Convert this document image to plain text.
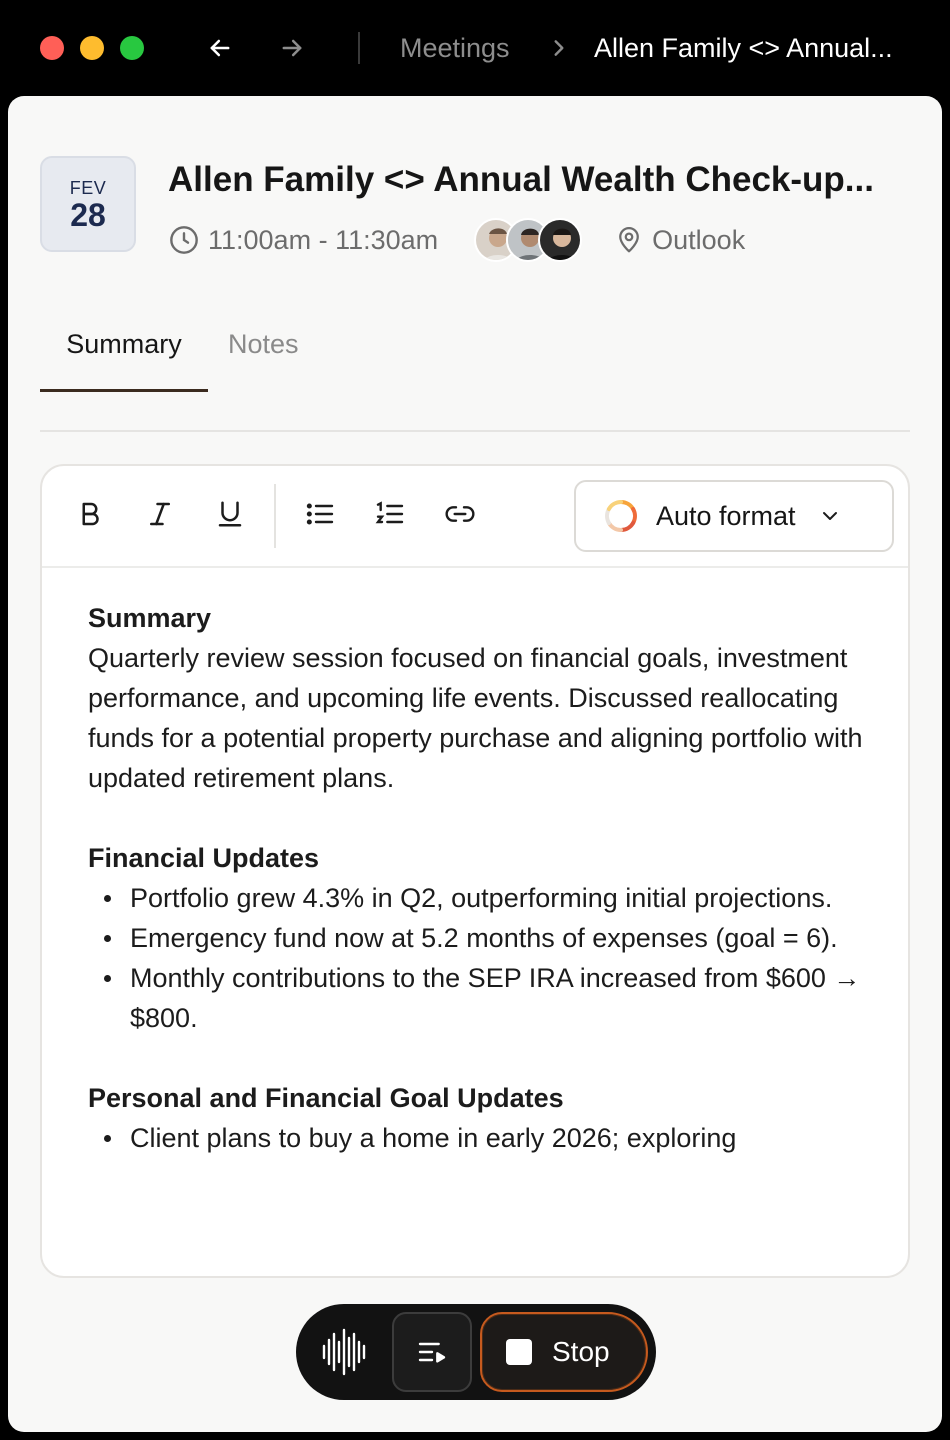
Meetings	Allen Family <> Annual...
FEV
28
Allen Family <> Annual Wealth Check-up...
11:00am - 11:30am	Outlook
Summary	Notes
Auto format
Summary

Quarterly review session focused on financial goals, investment performance, and upcoming life events. Discussed reallocating funds for a potential property purchase and aligning portfolio with updated retirement plans.

Financial Updates
Portfolio grew 4.3% in Q2, outperforming initial projections.
Emergency fund now at 5.2 months of expenses (goal = 6).
Monthly contributions to the SEP IRA increased from $600 → $800.
Personal and Financial Goal Updates
Client plans to buy a home in early 2026; exploring
Stop
